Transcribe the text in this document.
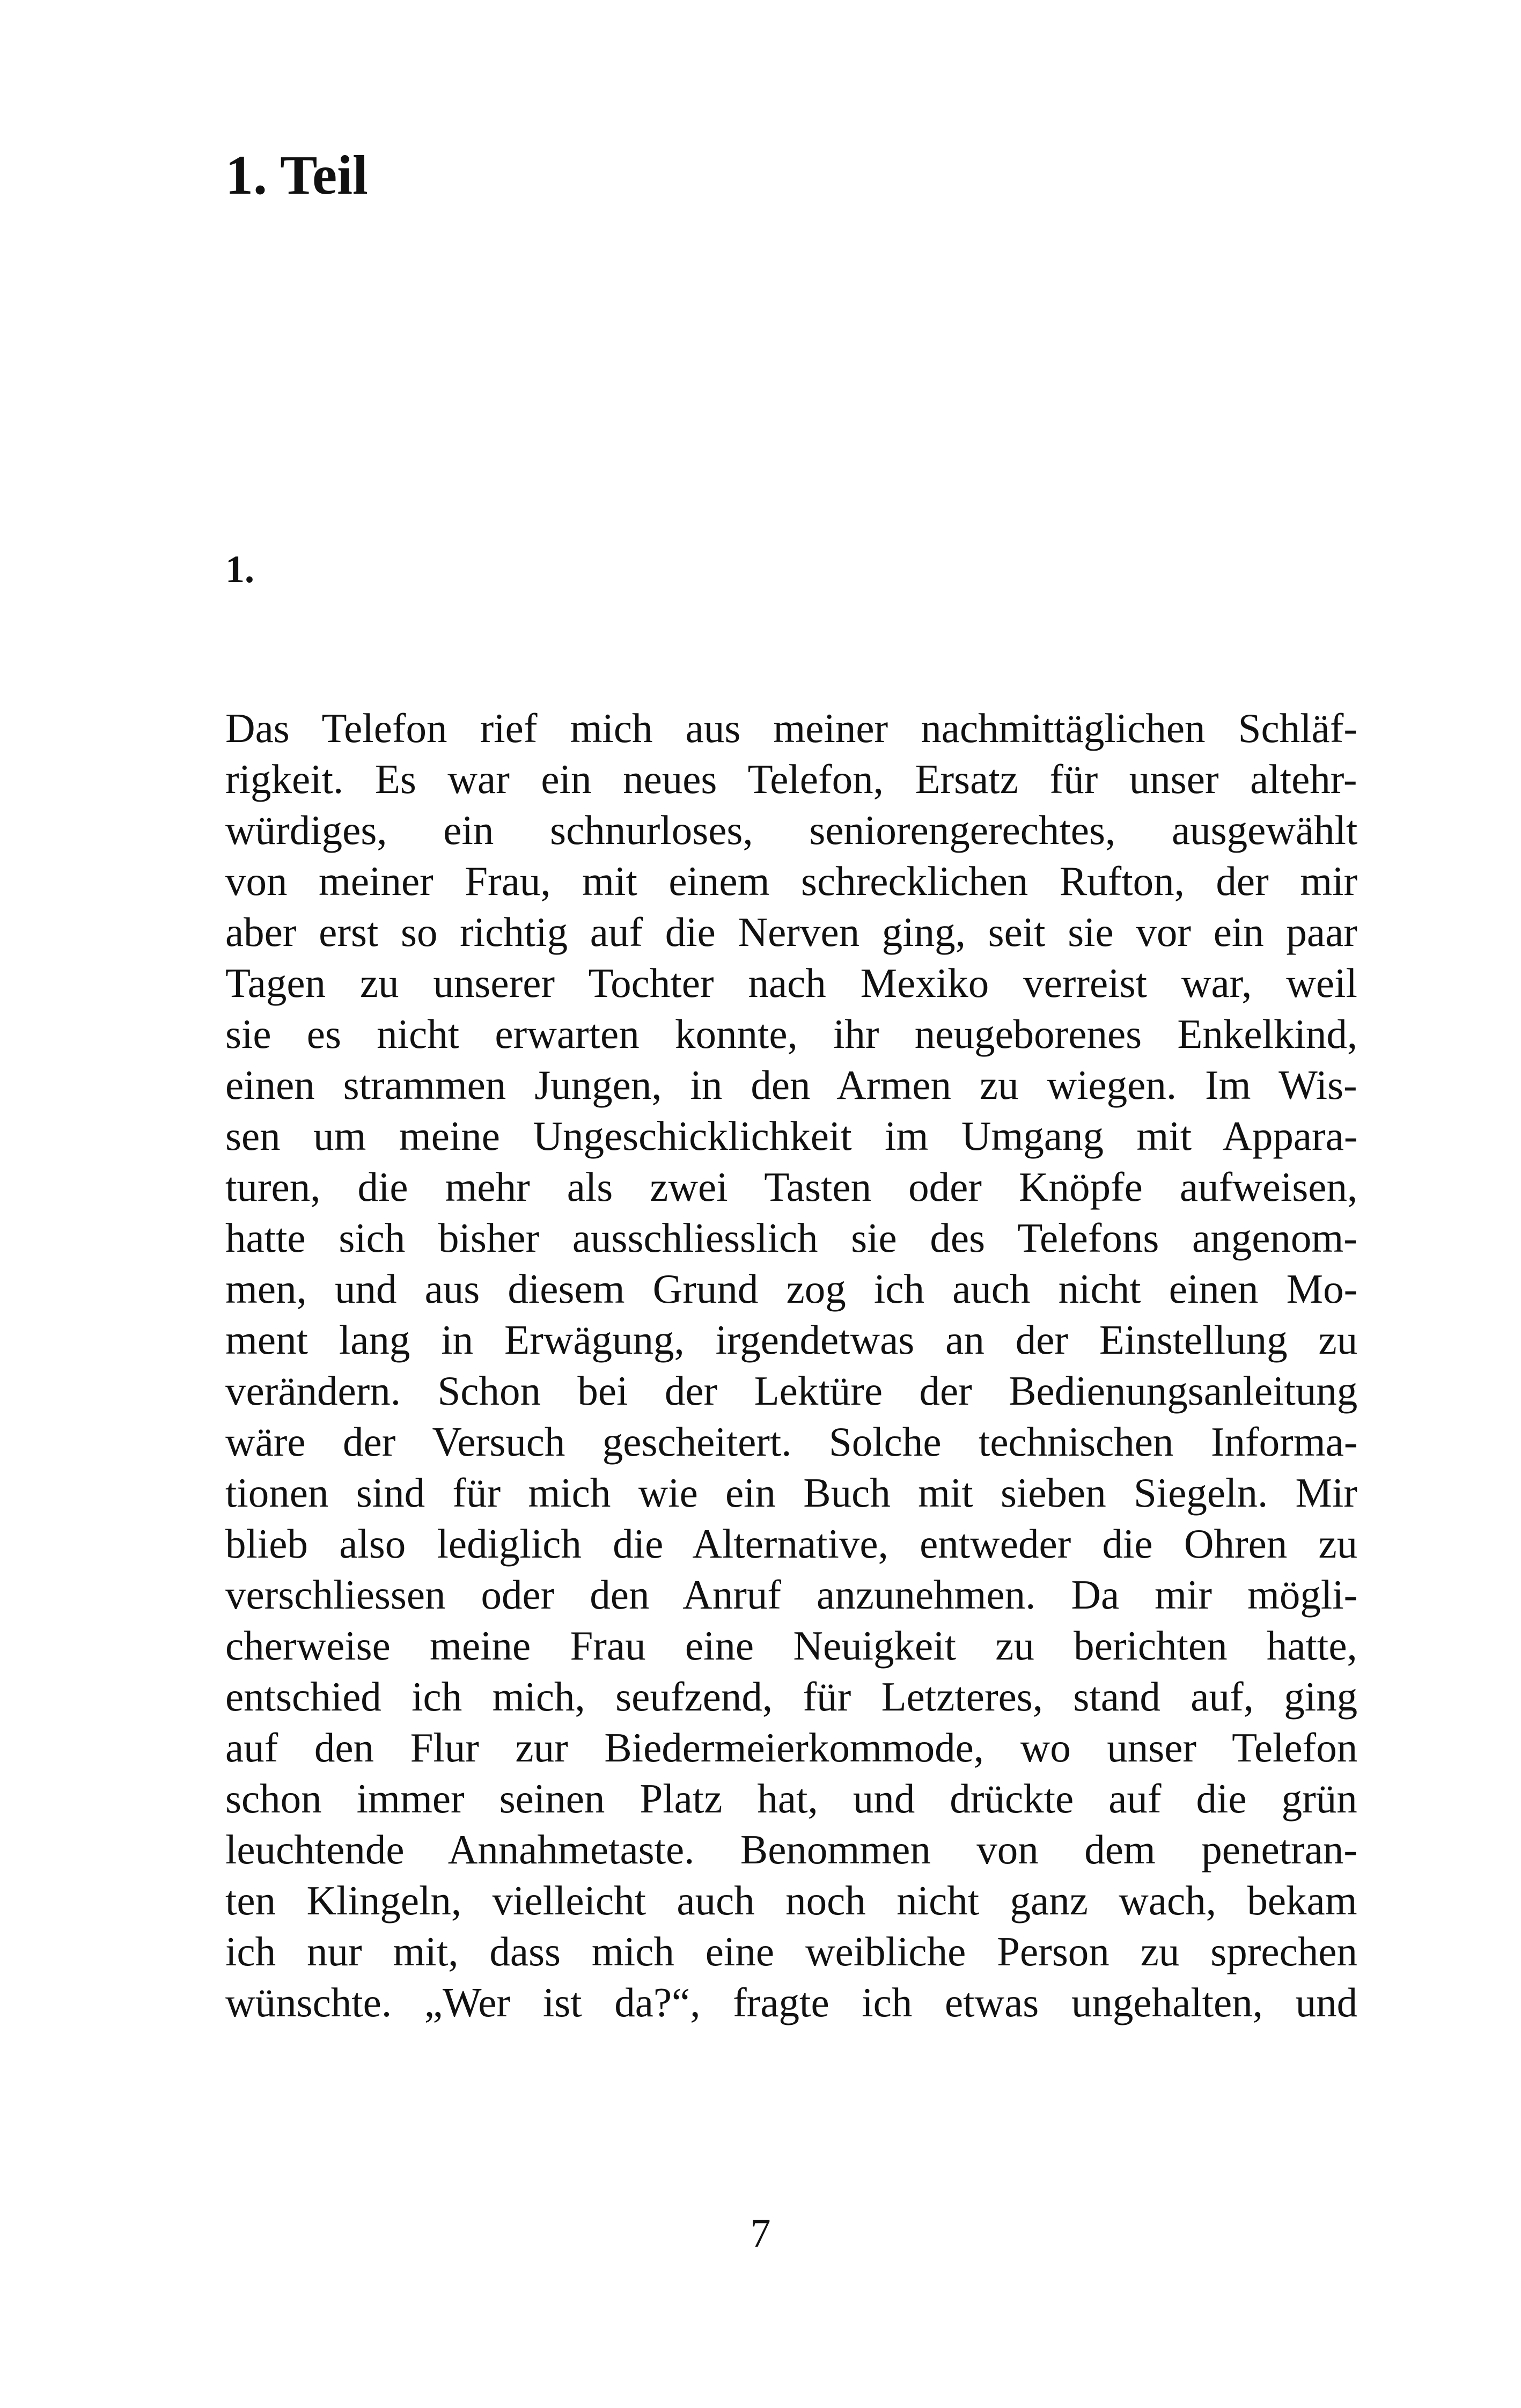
1. Teil
1.
Das Telefon rief mich aus meiner nachmittäglichen Schläf-
rigkeit. Es war ein neues Telefon, Ersatz für unser altehr-
würdiges, ein schnurloses, seniorengerechtes, ausgewählt
von meiner Frau, mit einem schrecklichen Rufton, der mir
aber erst so richtig auf die Nerven ging, seit sie vor ein paar
Tagen zu unserer Tochter nach Mexiko verreist war, weil
sie es nicht erwarten konnte, ihr neugeborenes Enkelkind,
einen strammen Jungen, in den Armen zu wiegen. Im Wis-
sen um meine Ungeschicklichkeit im Umgang mit Appara-
turen, die mehr als zwei Tasten oder Knöpfe aufweisen,
hatte sich bisher ausschliesslich sie des Telefons angenom-
men, und aus diesem Grund zog ich auch nicht einen Mo-
ment lang in Erwägung, irgendetwas an der Einstellung zu
verändern. Schon bei der Lektüre der Bedienungsanleitung
wäre der Versuch gescheitert. Solche technischen Informa-
tionen sind für mich wie ein Buch mit sieben Siegeln. Mir
blieb also lediglich die Alternative, entweder die Ohren zu
verschliessen oder den Anruf anzunehmen. Da mir mögli-
cherweise meine Frau eine Neuigkeit zu berichten hatte,
entschied ich mich, seufzend, für Letzteres, stand auf, ging
auf den Flur zur Biedermeierkommode, wo unser Telefon
schon immer seinen Platz hat, und drückte auf die grün
leuchtende Annahmetaste. Benommen von dem penetran-
ten Klingeln, vielleicht auch noch nicht ganz wach, bekam
ich nur mit, dass mich eine weibliche Person zu sprechen
wünschte. „Wer ist da?“, fragte ich etwas ungehalten, und

7
